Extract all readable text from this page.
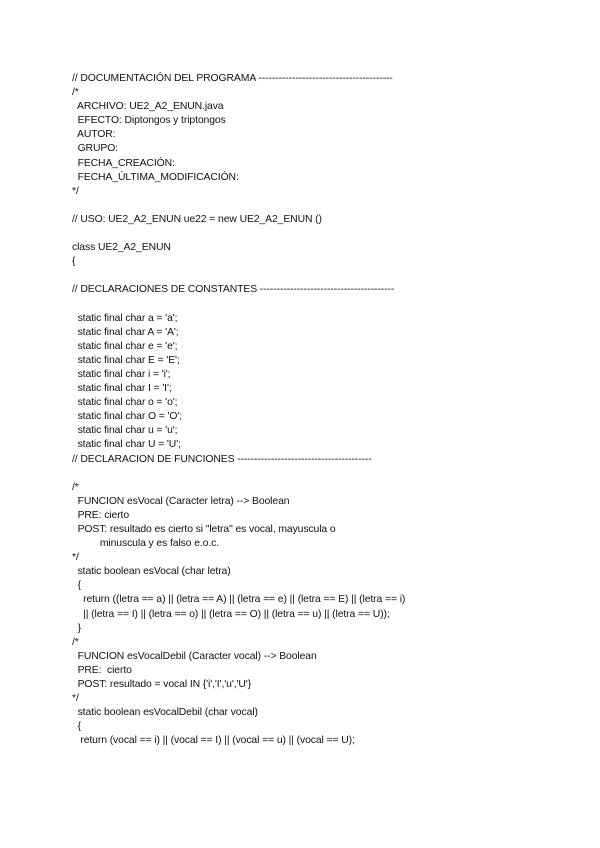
// DOCUMENTACIÓN DEL PROGRAMA ----------------------------------------
/*
ARCHIVO: UE2_A2_ENUN.java
EFECTO: Diptongos y triptongos
AUTOR:
GRUPO:
FECHA_CREACIÓN:
FECHA_ÚLTIMA_MODIFICACIÓN:
*/
// USO: UE2_A2_ENUN ue22 = new UE2_A2_ENUN ()
class UE2_A2_ENUN
{
// DECLARACIONES DE CONSTANTES ----------------------------------------
static final char a = 'a';
static final char A = 'A';
static final char e = 'e';
static final char E = 'E';
static final char i = 'i';
static final char I = 'I';
static final char o = 'o';
static final char O = 'O';
static final char u = 'u';
static final char U = 'U';
// DECLARACION DE FUNCIONES ----------------------------------------
/*
FUNCION esVocal (Caracter letra) --> Boolean
PRE: cierto
POST: resultado es cierto si "letra" es vocal, mayuscula o
minuscula y es falso e.o.c.
*/
static boolean esVocal (char letra)
{
return ((letra == a) || (letra == A) || (letra == e) || (letra == E) || (letra == i)
|| (letra == I) || (letra == o) || (letra == O) || (letra == u) || (letra == U));
}
/*
FUNCION esVocalDebil (Caracter vocal) --> Boolean
PRE:  cierto
POST: resultado = vocal IN {'i','I','u','U'}
*/
static boolean esVocalDebil (char vocal)
{
return (vocal == i) || (vocal == I) || (vocal == u) || (vocal == U);
